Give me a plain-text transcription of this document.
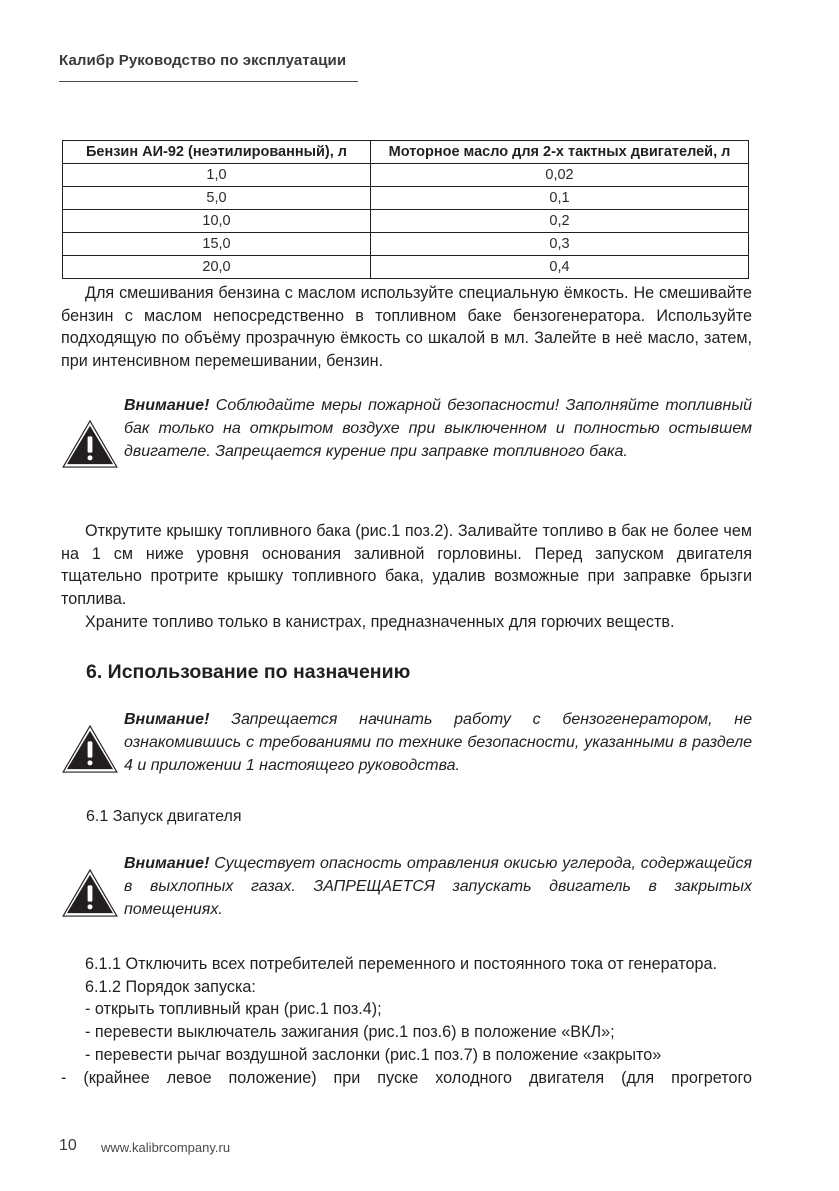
Калибр Руководство по эксплуатации
Бензин АИ-92 (неэтилированный), л	Моторное масло для 2-х тактных двигателей, л
1,0	0,02
5,0	0,1
10,0	0,2
15,0	0,3
20,0	0,4

Для смешивания бензина с маслом используйте специальную ёмкость. Не смешивайте бензин с маслом непосредственно в топливном баке бензогенератора. Используйте подходящую по объёму прозрачную ёмкость со шкалой в мл. Залейте в неё масло, затем, при интенсивном перемешивании, бензин.

Внимание! Соблюдайте меры пожарной безопасности! Заполняйте топливный бак только на открытом воздухе при выключенном и полностью остывшем двигателе. Запрещается курение при заправке топливного бака.

Открутите крышку топливного бака (рис.1 поз.2). Заливайте топливо в бак не более чем на 1 см ниже уровня основания заливной горловины. Перед запуском двигателя тщательно протрите крышку топливного бака, удалив возможные при заправке брызги топлива.

Храните топливо только в канистрах, предназначенных для горючих веществ.

6. Использование по назначению
Внимание! Запрещается начинать работу с бензогенератором, не ознакомившись с требованиями по технике безопасности, указанными в разделе 4 и приложении 1 настоящего руководства.
6.1 Запуск двигателя
Внимание! Существует опасность отравления окисью углерода, содержащейся в выхлопных газах. ЗАПРЕЩАЕТСЯ запускать двигатель в закрытых помещениях.

6.1.1 Отключить всех потребителей переменного и постоянного тока от генератора.

6.1.2 Порядок запуска:

- открыть топливный кран (рис.1 поз.4);

- перевести выключатель зажигания (рис.1 поз.6) в положение «ВКЛ»;

- перевести рычаг воздушной заслонки (рис.1 поз.7) в положение «закрыто»

- (крайнее левое положение) при пуске холодного двигателя (для прогретого

10 www.kalibrcompany.ru
